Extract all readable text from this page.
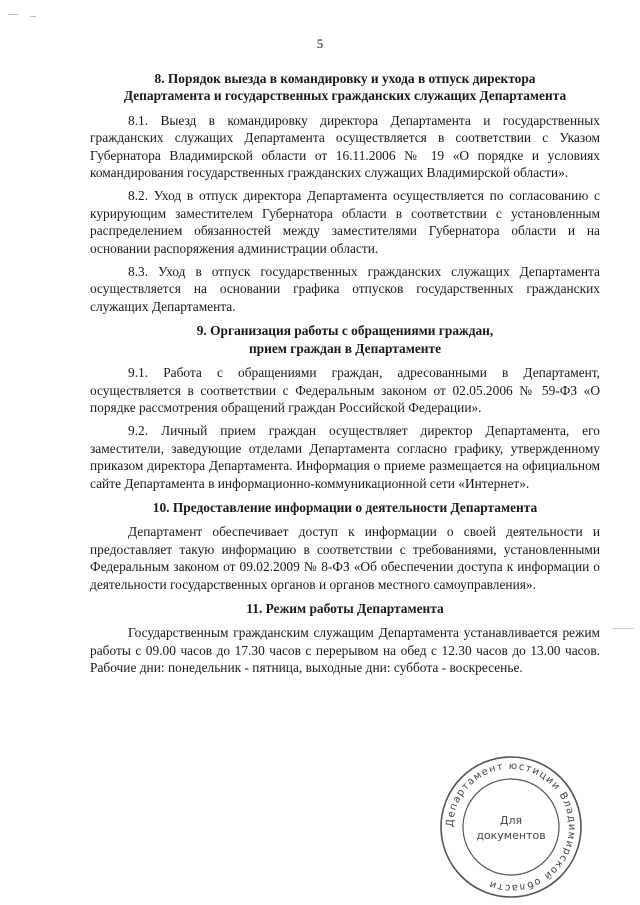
5

8. Порядок выезда в командировку и ухода в отпуск директора

Департамента и государственных гражданских служащих Департамента

8.1. Выезд в командировку директора Департамента и государственных гражданских служащих Департамента осуществляется в соответствии с Указом Губернатора Владимирской области от 16.11.2006 № 19 «О порядке и условиях командирования государственных гражданских служащих Владимирской области».

8.2. Уход в отпуск директора Департамента осуществляется по согласованию с курирующим заместителем Губернатора области в соответствии с установленным распределением обязанностей между заместителями Губернатора области и на основании распоряжения администрации области.

8.3. Уход в отпуск государственных гражданских служащих Департамента осуществляется на основании графика отпусков государственных гражданских служащих Департамента.

9. Организация работы с обращениями граждан,

прием граждан в Департаменте

9.1. Работа с обращениями граждан, адресованными в Департамент, осуществляется в соответствии с Федеральным законом от 02.05.2006 № 59-ФЗ «О порядке рассмотрения обращений граждан Российской Федерации».

9.2. Личный прием граждан осуществляет директор Департамента, его заместители, заведующие отделами Департамента согласно графику, утвержденному приказом директора Департамента. Информация о приеме размещается на официальном сайте Департамента в информационно-коммуникационной сети «Интернет».

10. Предоставление информации о деятельности Департамента

Департамент обеспечивает доступ к информации о своей деятельности и предоставляет такую информацию в соответствии с требованиями, установленными Федеральным законом от 09.02.2009 № 8-ФЗ «Об обеспечении доступа к информации о деятельности государственных органов и органов местного самоуправления».

11. Режим работы Департамента

Государственным гражданским служащим Департамента устанавливается режим работы с 09.00 часов до 17.30 часов с перерывом на обед с 12.30 часов до 13.00 часов. Рабочие дни: понедельник - пятница, выходные дни: суббота - воскресенье.

Департамент юстиции Владимирской области
Для
документов
